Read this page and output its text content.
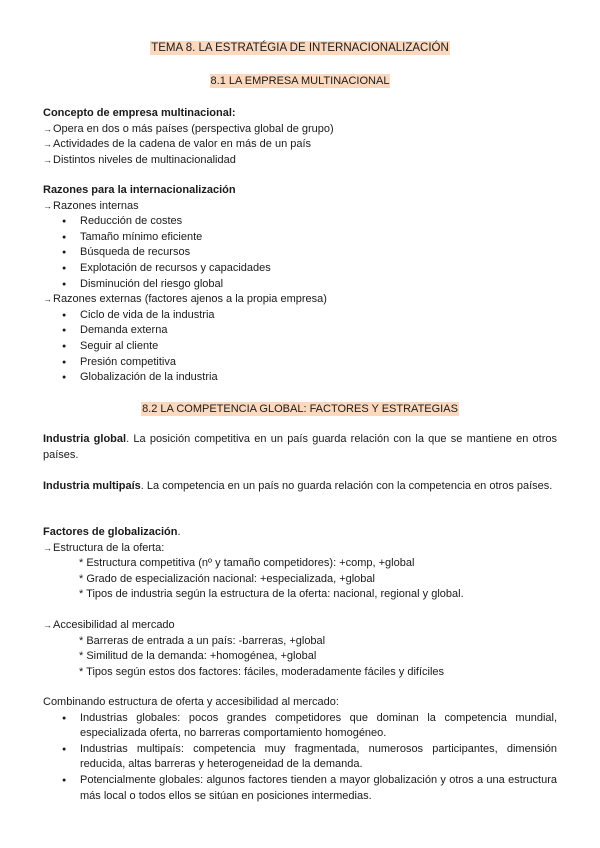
TEMA 8. LA ESTRATÉGIA DE INTERNACIONALIZACIÓN
8.1 LA EMPRESA MULTINACIONAL

Concepto de empresa multinacional:

→Opera en dos o más países (perspectiva global de grupo)

→Actividades de la cadena de valor en más de un país

→Distintos niveles de multinacionalidad

Razones para la internacionalización

→Razones internas

● Reducción de costes
● Tamaño mínimo eficiente
● Búsqueda de recursos
● Explotación de recursos y capacidades
● Disminución del riesgo global

→Razones externas (factores ajenos a la propia empresa)

● Ciclo de vida de la industria
● Demanda externa
● Seguir al cliente
● Presión competitiva
● Globalización de la industria
8.2 LA COMPETENCIA GLOBAL: FACTORES Y ESTRATEGIAS
Industria global. La posición competitiva en un país guarda relación con la que se mantiene en otros países.
Industria multipaís. La competencia en un país no guarda relación con la competencia en otros países.

Factores de globalización.

→Estructura de la oferta:

* Estructura competitiva (nº y tamaño competidores): +comp, +global

* Grado de especialización nacional: +especializada, +global

* Tipos de industria según la estructura de la oferta: nacional, regional y global.

→Accesibilidad al mercado

* Barreras de entrada a un país: -barreras, +global

* Similitud de la demanda: +homogénea, +global

* Tipos según estos dos factores: fáciles, moderadamente fáciles y difíciles

Combinando estructura de oferta y accesibilidad al mercado:

● Industrias globales: pocos grandes competidores que dominan la competencia mundial, especializada oferta, no barreras comportamiento homogéneo.
● Industrias multipaís: competencia muy fragmentada, numerosos participantes, dimensión reducida, altas barreras y heterogeneidad de la demanda.
● Potencialmente globales: algunos factores tienden a mayor globalización y otros a una estructura más local o todos ellos se sitúan en posiciones intermedias.
